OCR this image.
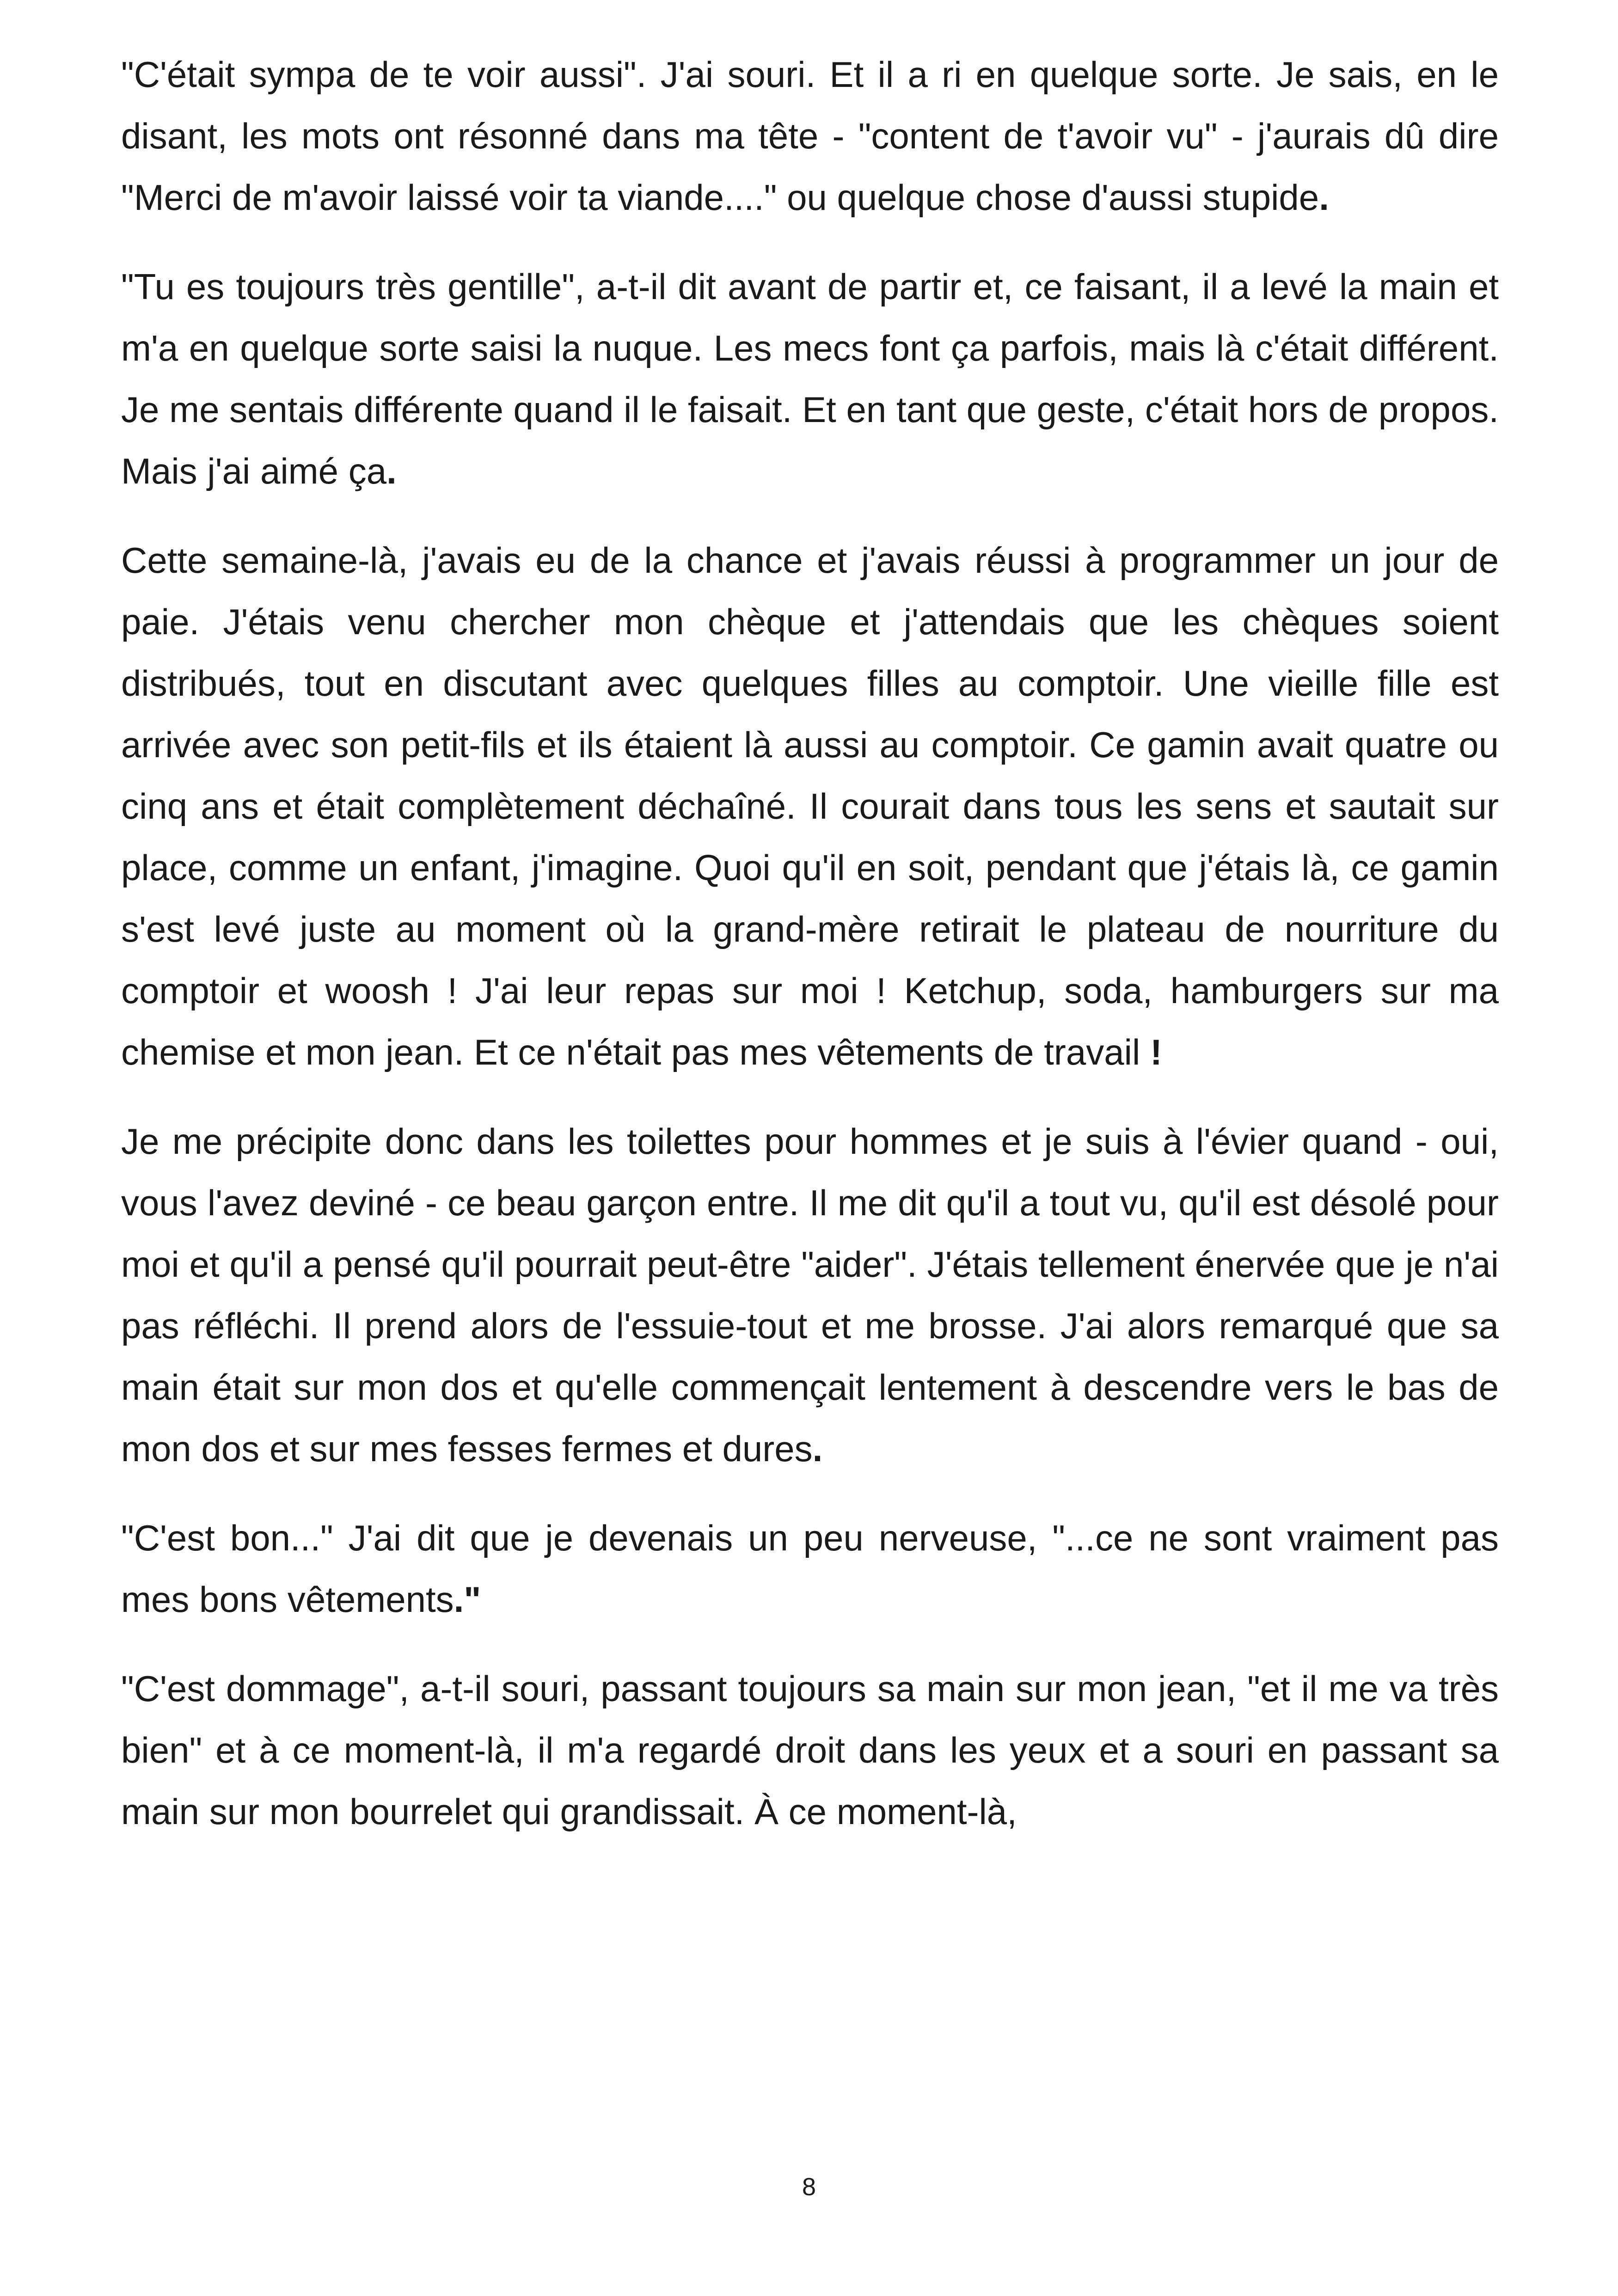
"C'était sympa de te voir aussi". J'ai souri. Et il a ri en quelque sorte. Je sais, en le disant, les mots ont résonné dans ma tête - "content de t'avoir vu" - j'aurais dû dire "Merci de m'avoir laissé voir ta viande...." ou quelque chose d'aussi stupide.

"Tu es toujours très gentille", a-t-il dit avant de partir et, ce faisant, il a levé la main et m'a en quelque sorte saisi la nuque. Les mecs font ça parfois, mais là c'était différent. Je me sentais différente quand il le faisait. Et en tant que geste, c'était hors de propos. Mais j'ai aimé ça.

Cette semaine-là, j'avais eu de la chance et j'avais réussi à programmer un jour de paie. J'étais venu chercher mon chèque et j'attendais que les chèques soient distribués, tout en discutant avec quelques filles au comptoir. Une vieille fille est arrivée avec son petit-fils et ils étaient là aussi au comptoir. Ce gamin avait quatre ou cinq ans et était complètement déchaîné. Il courait dans tous les sens et sautait sur place, comme un enfant, j'imagine. Quoi qu'il en soit, pendant que j'étais là, ce gamin s'est levé juste au moment où la grand-mère retirait le plateau de nourriture du comptoir et woosh ! J'ai leur repas sur moi ! Ketchup, soda, hamburgers sur ma chemise et mon jean. Et ce n'était pas mes vêtements de travail !

Je me précipite donc dans les toilettes pour hommes et je suis à l'évier quand - oui, vous l'avez deviné - ce beau garçon entre. Il me dit qu'il a tout vu, qu'il est désolé pour moi et qu'il a pensé qu'il pourrait peut-être "aider". J'étais tellement énervée que je n'ai pas réfléchi. Il prend alors de l'essuie-tout et me brosse. J'ai alors remarqué que sa main était sur mon dos et qu'elle commençait lentement à descendre vers le bas de mon dos et sur mes fesses fermes et dures.

"C'est bon..." J'ai dit que je devenais un peu nerveuse, "...ce ne sont vraiment pas mes bons vêtements."

"C'est dommage", a-t-il souri, passant toujours sa main sur mon jean, "et il me va très bien" et à ce moment-là, il m'a regardé droit dans les yeux et a souri en passant sa main sur mon bourrelet qui grandissait. À ce moment-là,

8
